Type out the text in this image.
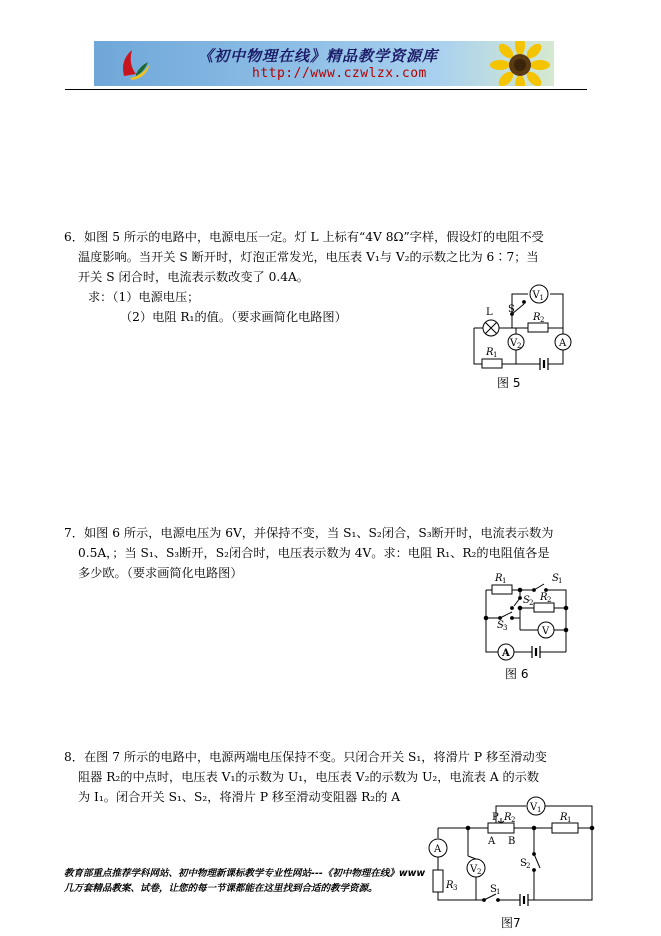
《初中物理在线》精品教学资源库
http://www.czwlzx.com
6．如图 5 所示的电路中，电源电压一定。灯 L 上标有“4V 8Ω”字样，假设灯的电阻不受
温度影响。当开关 S 断开时，灯泡正常发光，电压表 V₁与 V₂的示数之比为 6∶7；当
开关 S 闭合时，电流表示数改变了 0.4A。
求：（1）电源电压；
（2）电阻 R₁的值。（要求画简化电路图）
V 1
L S
R 2
A
V 2
R 1
图 5
7．如图 6 所示，电源电压为 6V，并保持不变，当 S₁、S₂闭合，S₃断开时，电流表示数为
0.5A，；当 S₁、S₃断开，S₂闭合时，电压表示数为 4V。求：电阻 R₁、R₂的电阻值各是
多少欧。（要求画简化电路图）	R 1	S 1
S 2 R 2
S 3	V
A
图 6
8．在图 7 所示的电路中，电源两端电压保持不变。只闭合开关 S₁，将滑片 P 移至滑动变
阻器 R₂的中点时，电压表 V₁的示数为 U₁，电压表 V₂的示数为 U₂，电流表 A 的示数
为 I₁。闭合开关 S₁、S₂，将滑片 P 移至滑动变阻器 R₂的 A
V 1
P R 2	R 1
A B
A
V 2
R 3	S 1
S 2
图7
教育部重点推荐学科网站、初中物理新课标教学专业性网站---《初中物理在线》www
几万套精品教案、试卷，让您的每一节课都能在这里找到合适的教学资源。
